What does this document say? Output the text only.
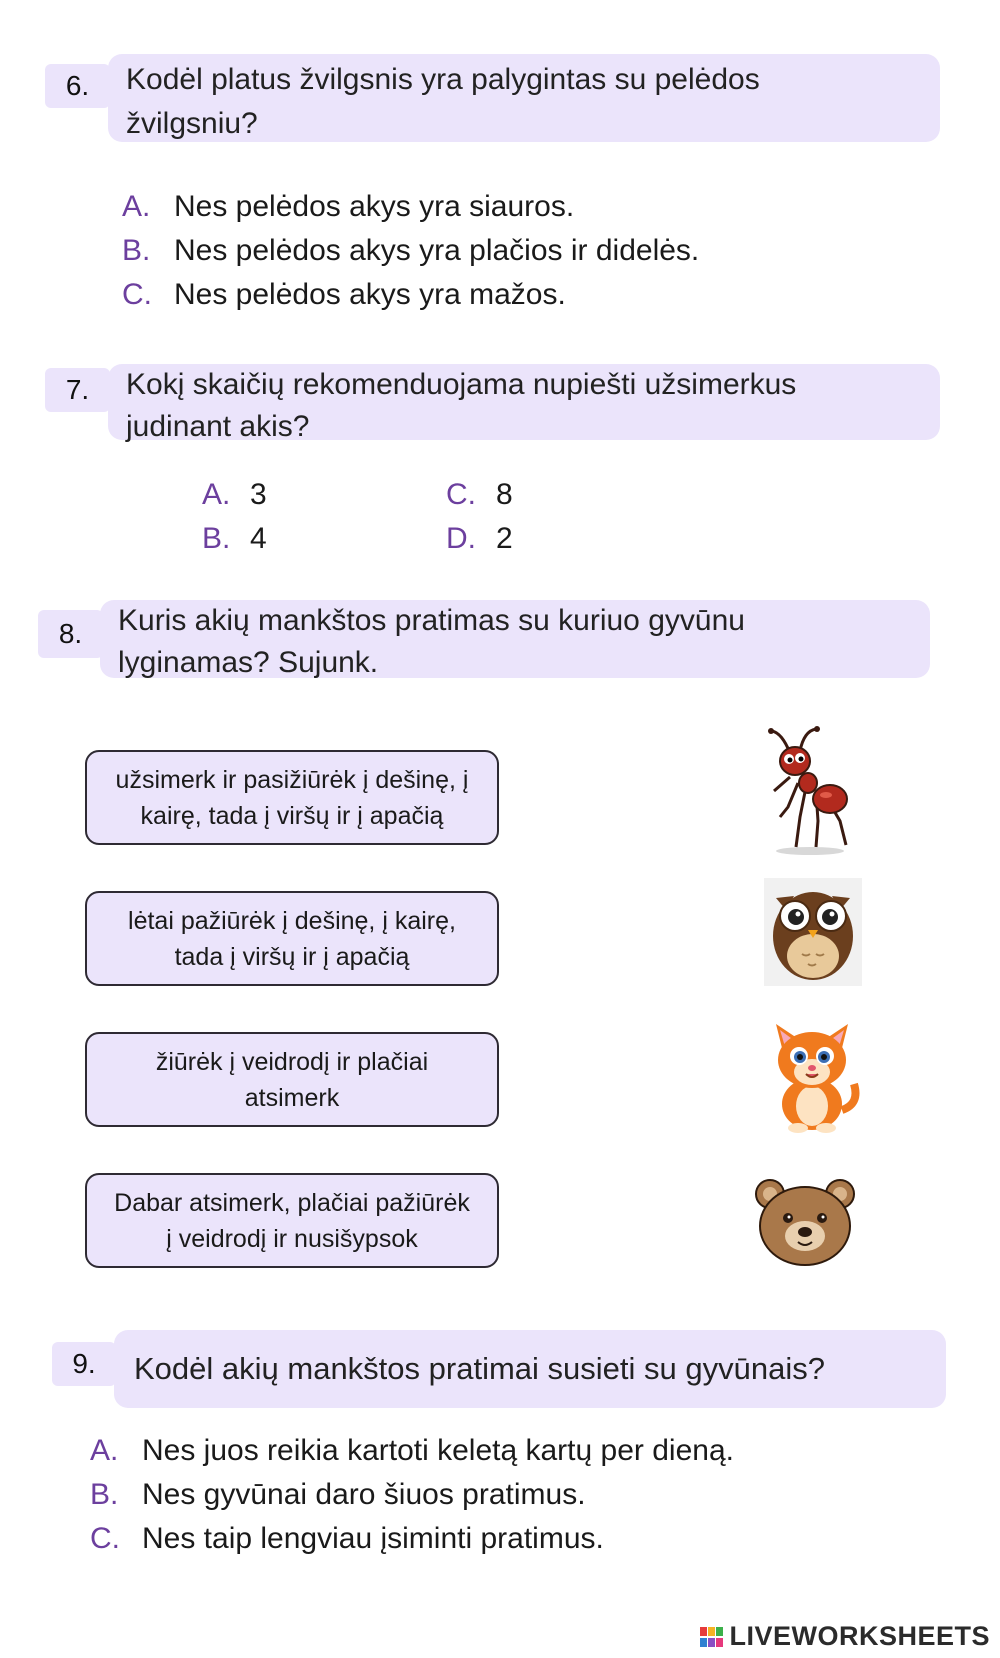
6. Kodėl platus žvilgsnis yra palygintas su pelėdos
žvilgsniu?
A. Nes pelėdos akys yra siauros.
B. Nes pelėdos akys yra plačios ir didelės.
C. Nes pelėdos akys yra mažos.
7. Kokį skaičių rekomenduojama nupiešti užsimerkus
judinant akis?
A. 3
B. 4
C. 8
D. 2
8. Kuris akių mankštos pratimas su kuriuo gyvūnu
lyginamas? Sujunk.
užsimerk ir pasižiūrėk į dešinę, į
kairę, tada į viršų ir į apačią
lėtai pažiūrėk į dešinę, į kairę,
tada į viršų ir į apačią
žiūrėk į veidrodį ir plačiai
atsimerk
Dabar atsimerk, plačiai pažiūrėk
į veidrodį ir nusišypsok
9.	Kodėl akių mankštos pratimai susieti su gyvūnais?
A. Nes juos reikia kartoti keletą kartų per dieną.
B. Nes gyvūnai daro šiuos pratimus.
C. Nes taip lengviau įsiminti pratimus.
LIVEWORKSHEETS
